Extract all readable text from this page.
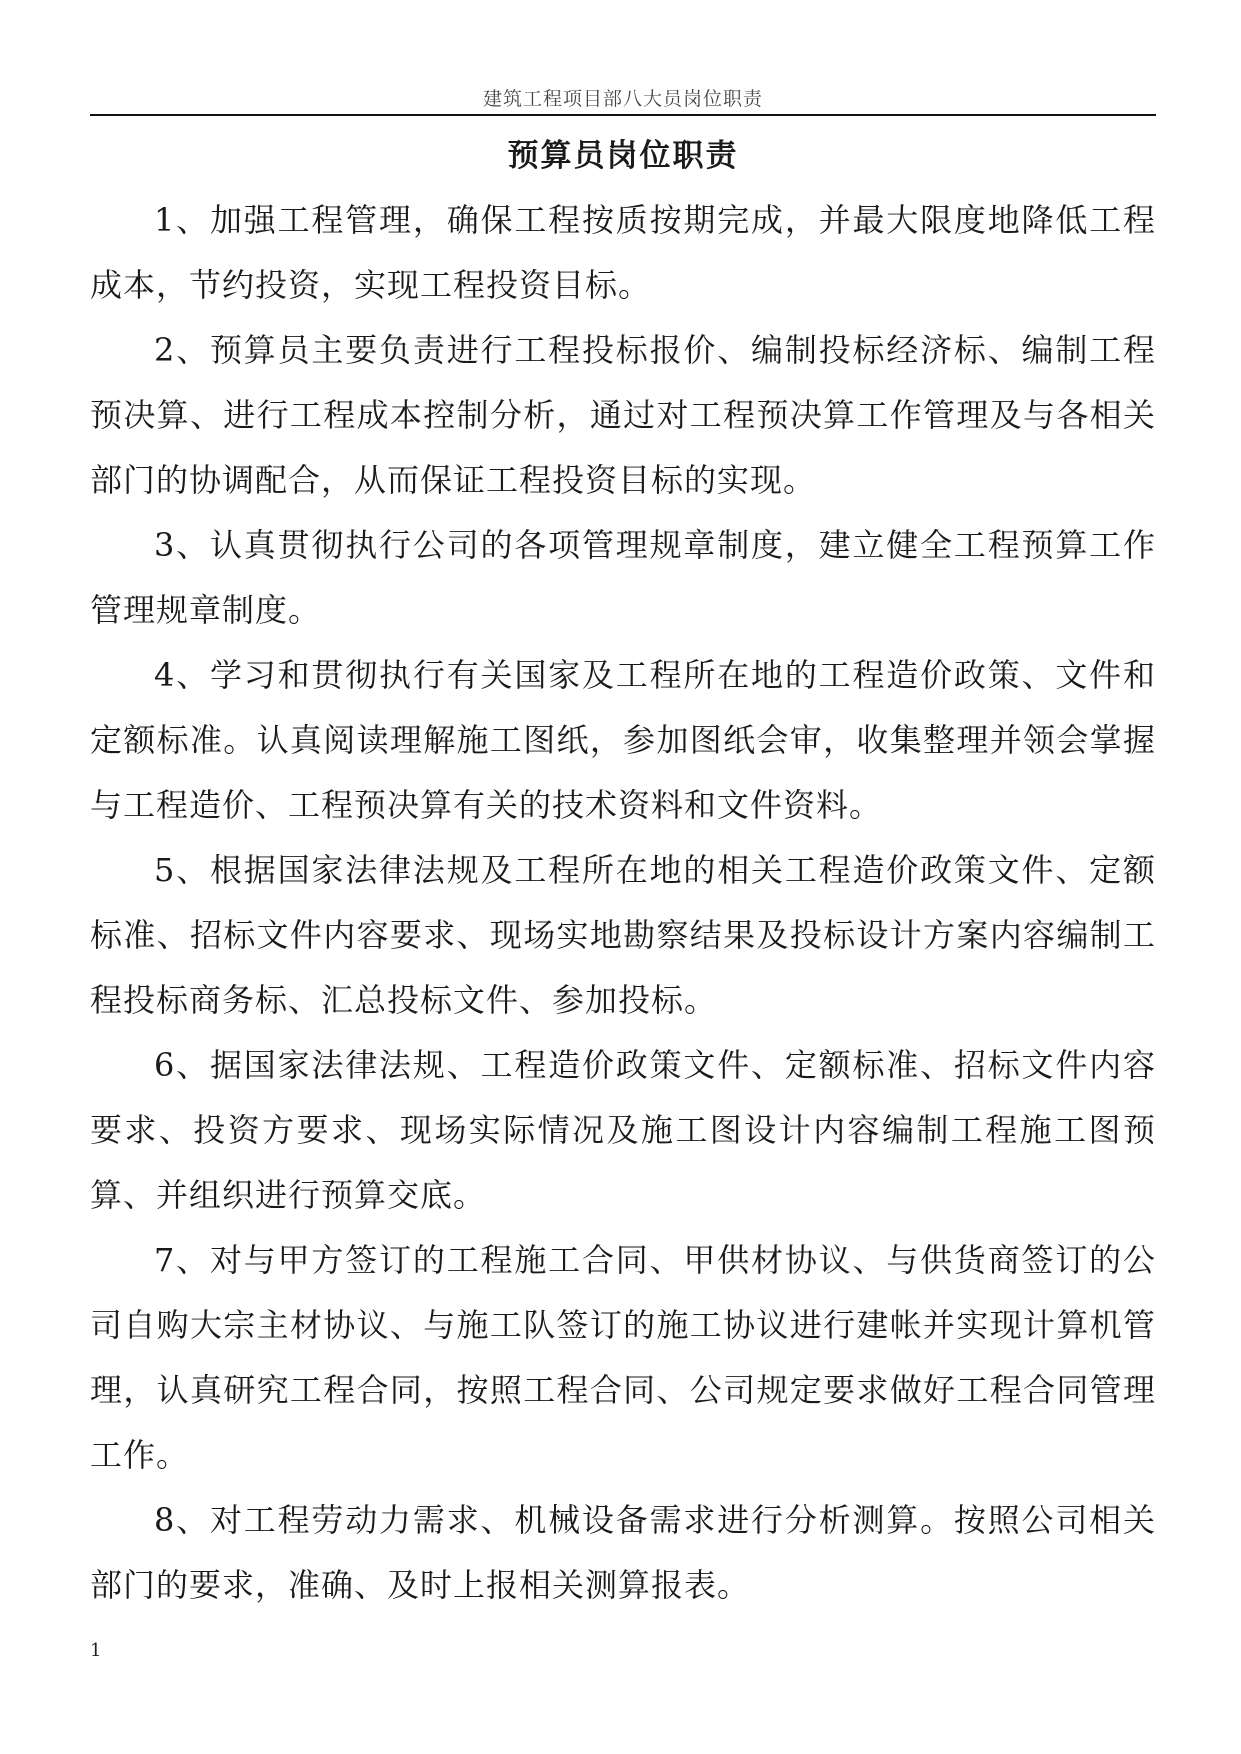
建筑工程项目部八大员岗位职责
预算员岗位职责

1、加强工程管理，确保工程按质按期完成，并最大限度地降低工程成本，节约投资，实现工程投资目标。

2、预算员主要负责进行工程投标报价、编制投标经济标、编制工程预决算、进行工程成本控制分析，通过对工程预决算工作管理及与各相关部门的协调配合，从而保证工程投资目标的实现。

3、认真贯彻执行公司的各项管理规章制度，建立健全工程预算工作管理规章制度。

4、学习和贯彻执行有关国家及工程所在地的工程造价政策、文件和定额标准。认真阅读理解施工图纸，参加图纸会审，收集整理并领会掌握与工程造价、工程预决算有关的技术资料和文件资料。

5、根据国家法律法规及工程所在地的相关工程造价政策文件、定额标准、招标文件内容要求、现场实地勘察结果及投标设计方案内容编制工程投标商务标、汇总投标文件、参加投标。

6、据国家法律法规、工程造价政策文件、定额标准、招标文件内容要求、投资方要求、现场实际情况及施工图设计内容编制工程施工图预算、并组织进行预算交底。

7、对与甲方签订的工程施工合同、甲供材协议、与供货商签订的公司自购大宗主材协议、与施工队签订的施工协议进行建帐并实现计算机管理，认真研究工程合同，按照工程合同、公司规定要求做好工程合同管理工作。

8、对工程劳动力需求、机械设备需求进行分析测算。按照公司相关部门的要求，准确、及时上报相关测算报表。

1
